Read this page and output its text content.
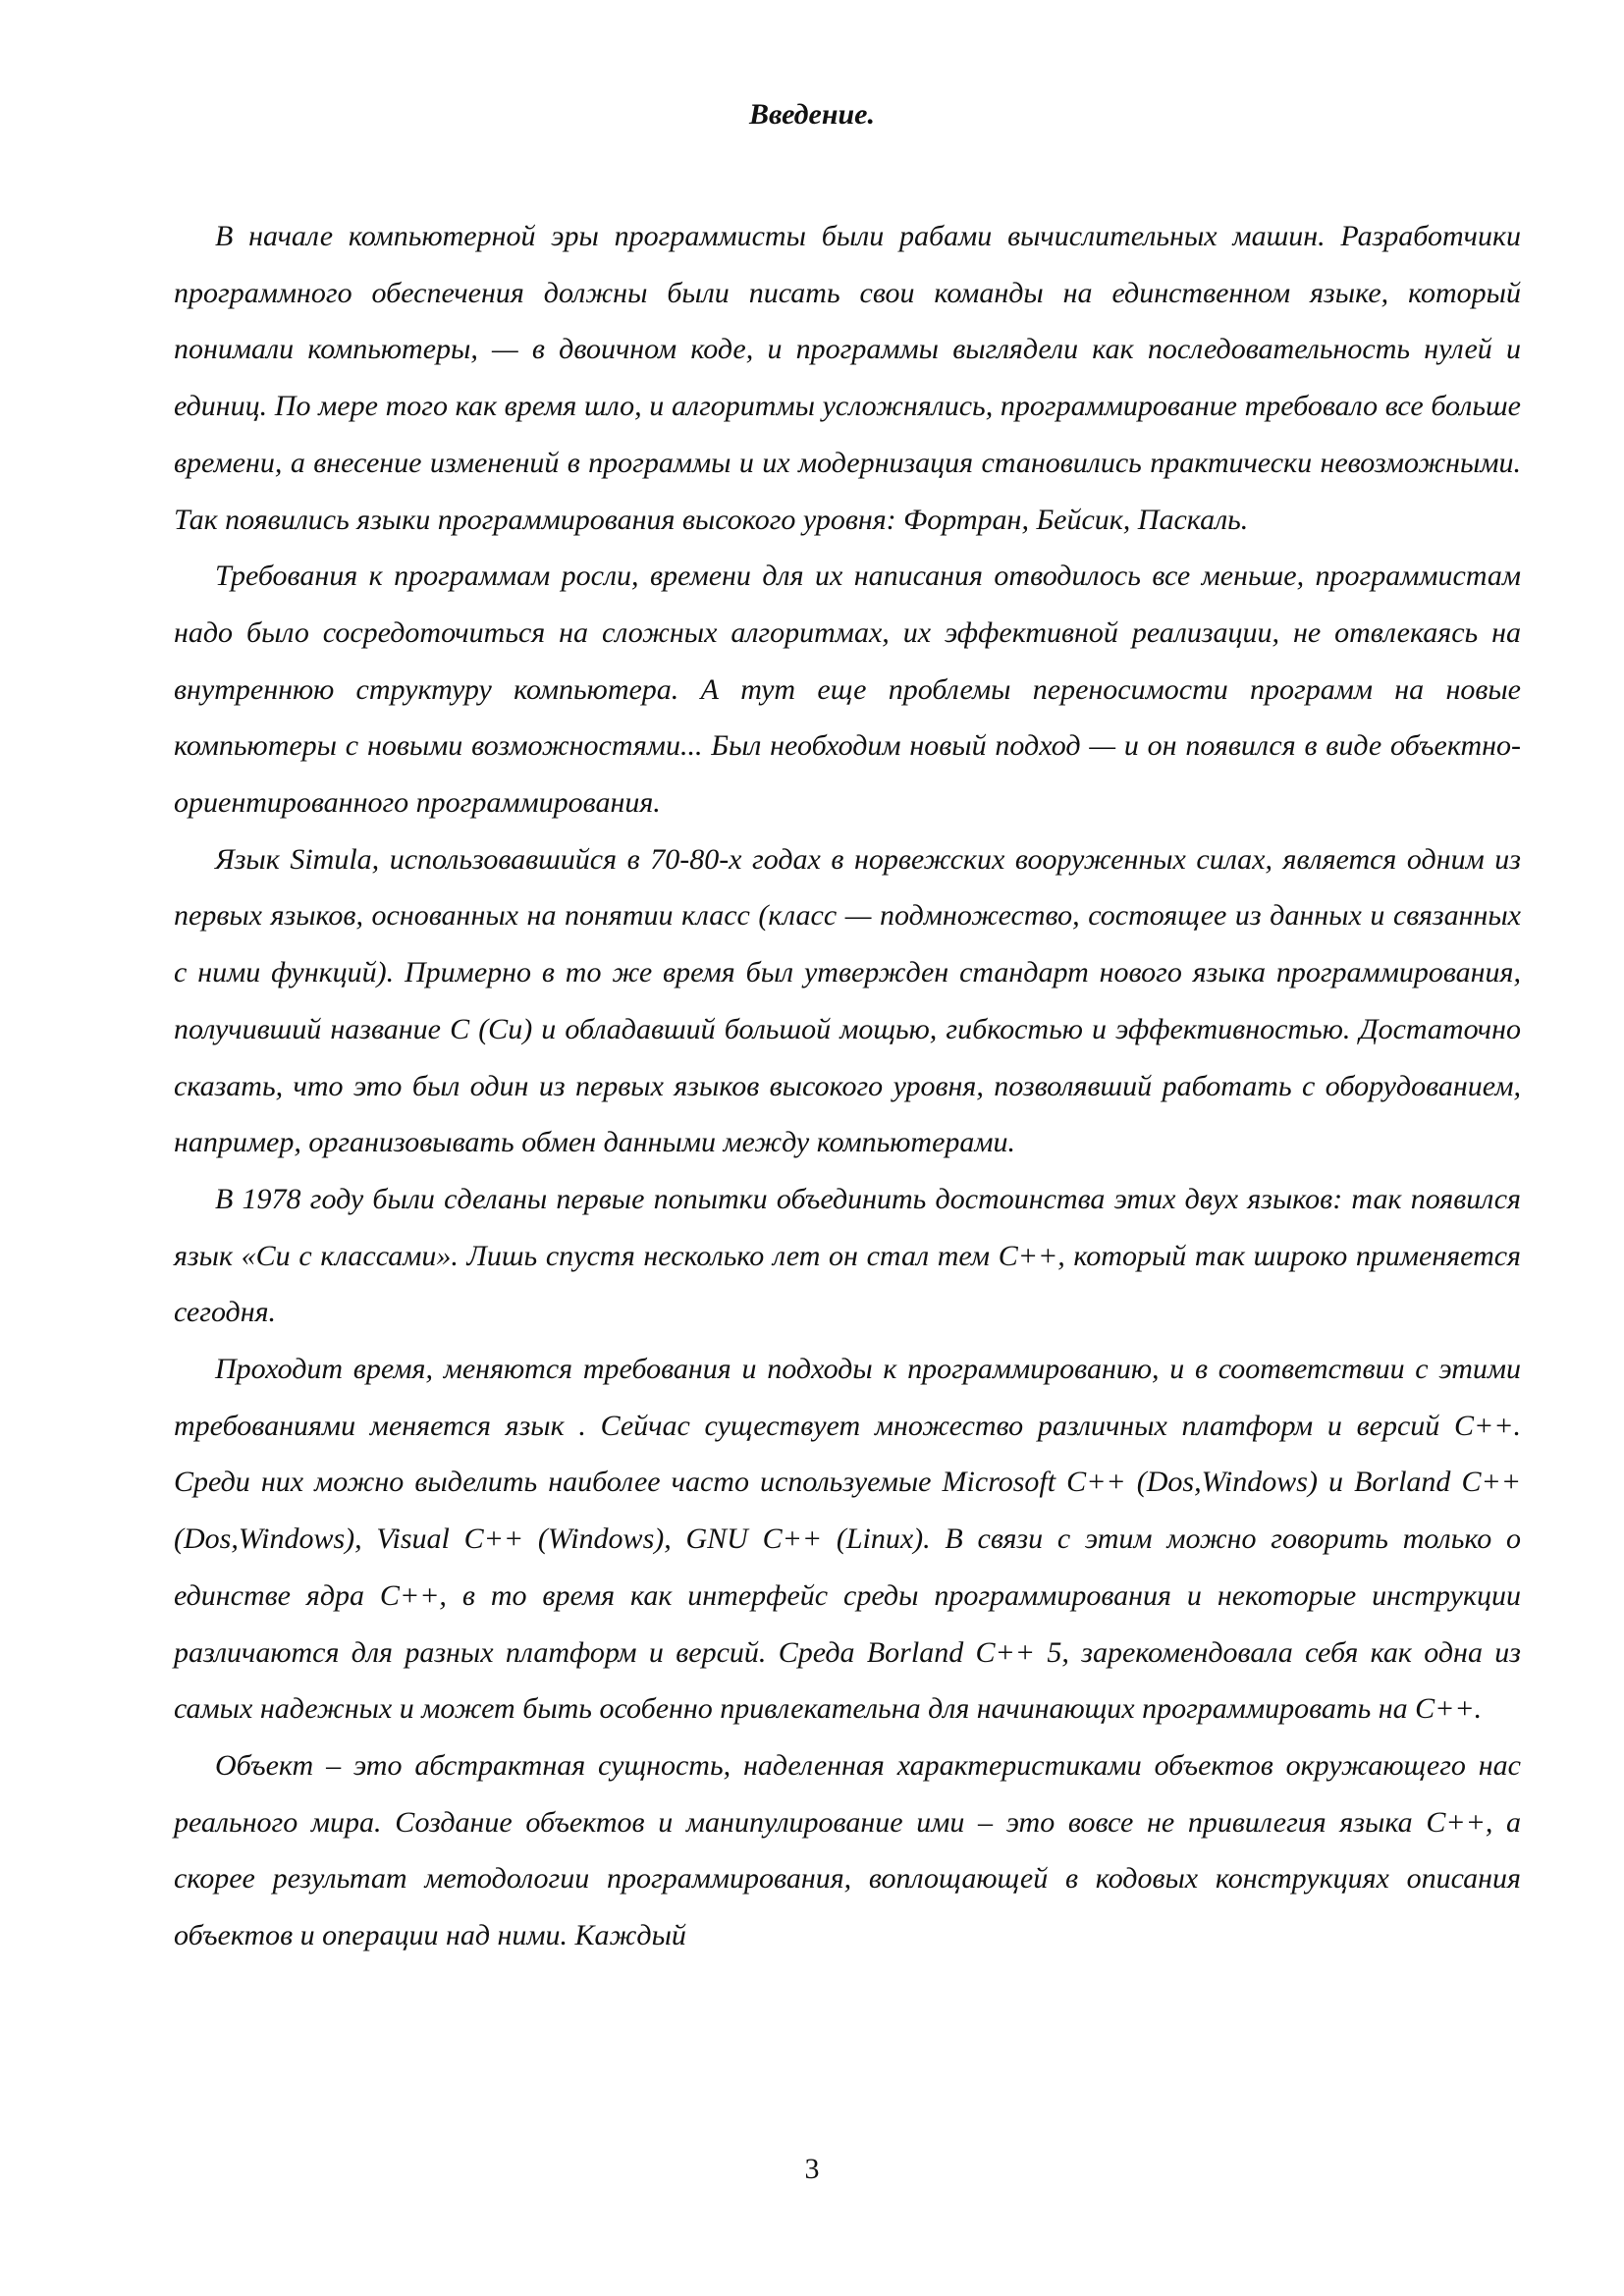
Введение.

В начале компьютерной эры программисты были рабами вычислительных машин. Разработчики программного обеспечения должны были писать свои команды на единственном языке, который понимали компьютеры, — в двоичном коде, и программы выглядели как последовательность нулей и единиц. По мере того как время шло, и алгоритмы усложнялись, программирование требовало все больше времени, а внесение изменений в программы и их модернизация становились практически невозможными. Так появились языки программирования высокого уровня: Фортран, Бейсик, Паскаль.

Требования к программам росли, времени для их написания отводилось все меньше, программистам надо было сосредоточиться на сложных алгоритмах, их эффективной реализации, не отвлекаясь на внутреннюю структуру компьютера. А тут еще проблемы переносимости программ на новые компьютеры с новыми возможностями... Был необходим новый подход — и он появился в виде объектно-ориентированного программирования.

Язык Simula, использовавшийся в 70-80-х годах в норвежских вооруженных силах, является одним из первых языков, основанных на понятии класс (класс — подмножество, состоящее из данных и связанных с ними функций). Примерно в то же время был утвержден стандарт нового языка программирования, получивший название С (Си) и обладавший большой мощью, гибкостью и эффективностью. Достаточно сказать, что это был один из первых языков высокого уровня, позволявший работать с оборудованием, например, организовывать обмен данными между компьютерами.

В 1978 году были сделаны первые попытки объединить достоинства этих двух языков: так появился язык «Си с классами». Лишь спустя несколько лет он стал тем С++, который так широко применяется сегодня.

Проходит время, меняются требования и подходы к программированию, и в соответствии с этими требованиями меняется язык . Сейчас существует множество различных платформ и версий С++. Среди них можно выделить наиболее часто используемые Microsoft C++ (Dos,Windows) и Borland C++ (Dos,Windows), Visual C++ (Windows), GNU C++ (Linux). В связи с этим можно говорить только о единстве ядра С++, в то время как интерфейс среды программирования и некоторые инструкции различаются для разных платформ и версий. Среда Borland С++ 5, зарекомендовала себя как одна из самых надежных и может быть особенно привлекательна для начинающих программировать на С++.

Объект – это абстрактная сущность, наделенная характеристиками объектов окружающего нас реального мира. Создание объектов и манипулирование ими – это вовсе не привилегия языка С++, а скорее результат методологии программирования, воплощающей в кодовых конструкциях описания объектов и операции над ними. Каждый

3
